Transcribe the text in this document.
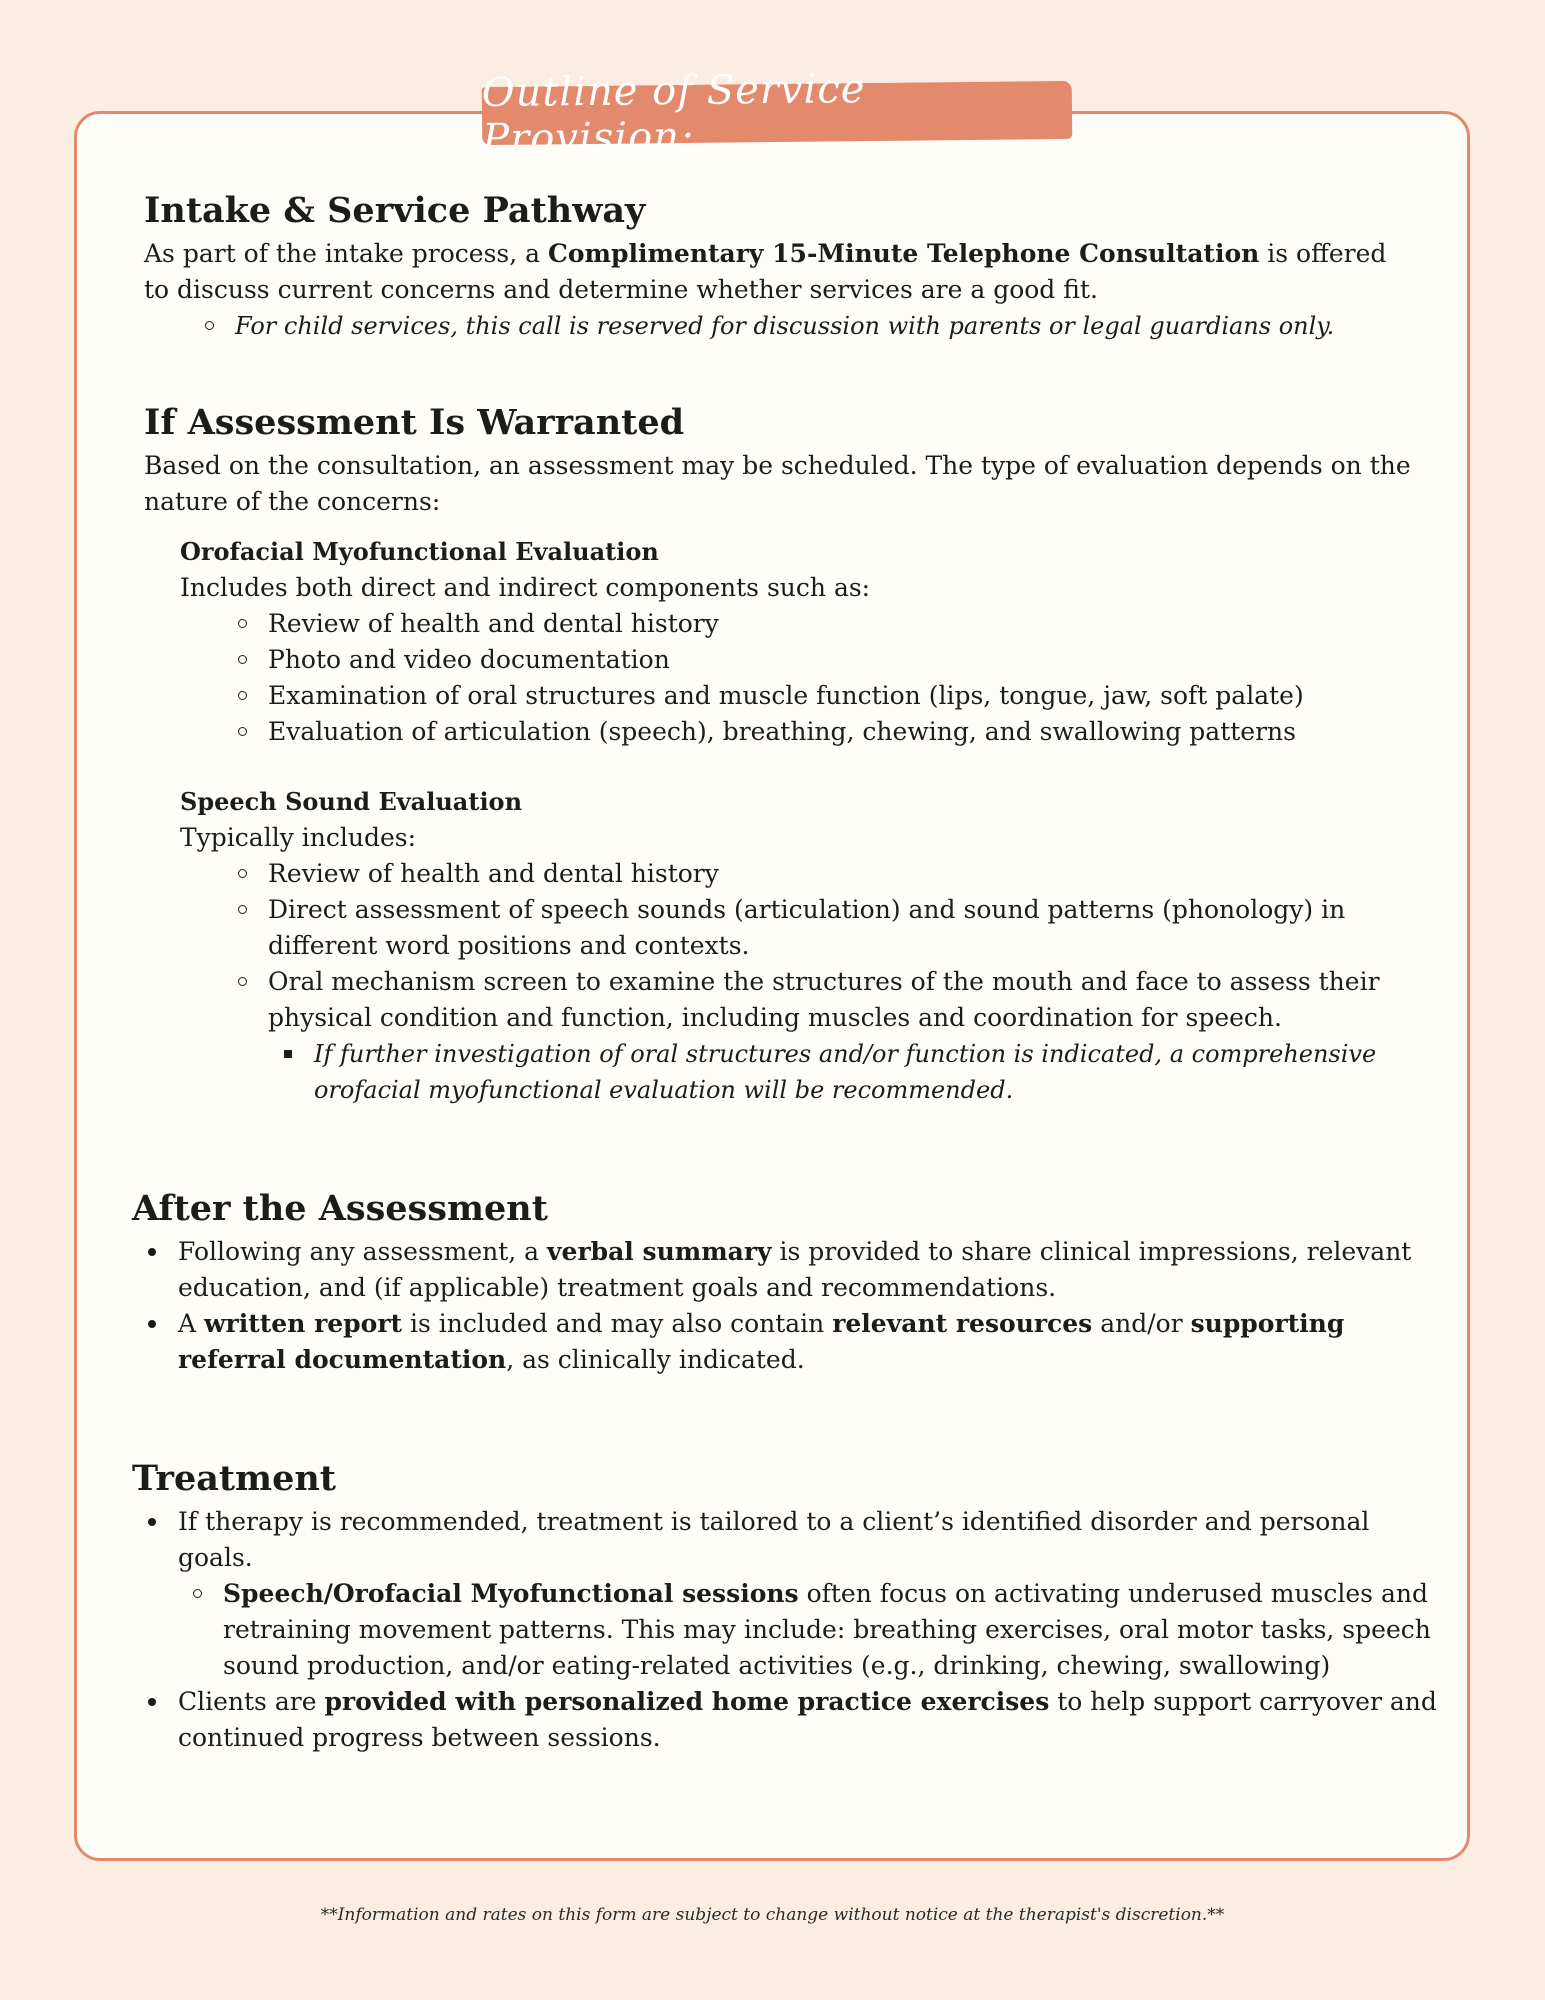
Outline of Service Provision:
Intake & Service Pathway

As part of the intake process, a Complimentary 15-Minute Telephone Consultation is offered to discuss current concerns and determine whether services are a good fit.

For child services, this call is reserved for discussion with parents or legal guardians only.
If Assessment Is Warranted

Based on the consultation, an assessment may be scheduled. The type of evaluation depends on the nature of the concerns:

Orofacial Myofunctional Evaluation
Includes both direct and indirect components such as:
Review of health and dental history
Photo and video documentation
Examination of oral structures and muscle function (lips, tongue, jaw, soft palate)
Evaluation of articulation (speech), breathing, chewing, and swallowing patterns
Speech Sound Evaluation
Typically includes:
Review of health and dental history
Direct assessment of speech sounds (articulation) and sound patterns (phonology) in different word positions and contexts.
Oral mechanism screen to examine the structures of the mouth and face to assess their physical condition and function, including muscles and coordination for speech.
If further investigation of oral structures and/or function is indicated, a comprehensive orofacial myofunctional evaluation will be recommended.
After the Assessment
Following any assessment, a verbal summary is provided to share clinical impressions, relevant education, and (if applicable) treatment goals and recommendations.
A written report is included and may also contain relevant resources and/or supporting referral documentation, as clinically indicated.
Treatment
If therapy is recommended, treatment is tailored to a client’s identified disorder and personal goals.
Speech/Orofacial Myofunctional sessions often focus on activating underused muscles and retraining movement patterns. This may include: breathing exercises, oral motor tasks, speech sound production, and/or eating-related activities (e.g., drinking, chewing, swallowing)
Clients are provided with personalized home practice exercises to help support carryover and continued progress between sessions.
**Information and rates on this form are subject to change without notice at the therapist's discretion.**
